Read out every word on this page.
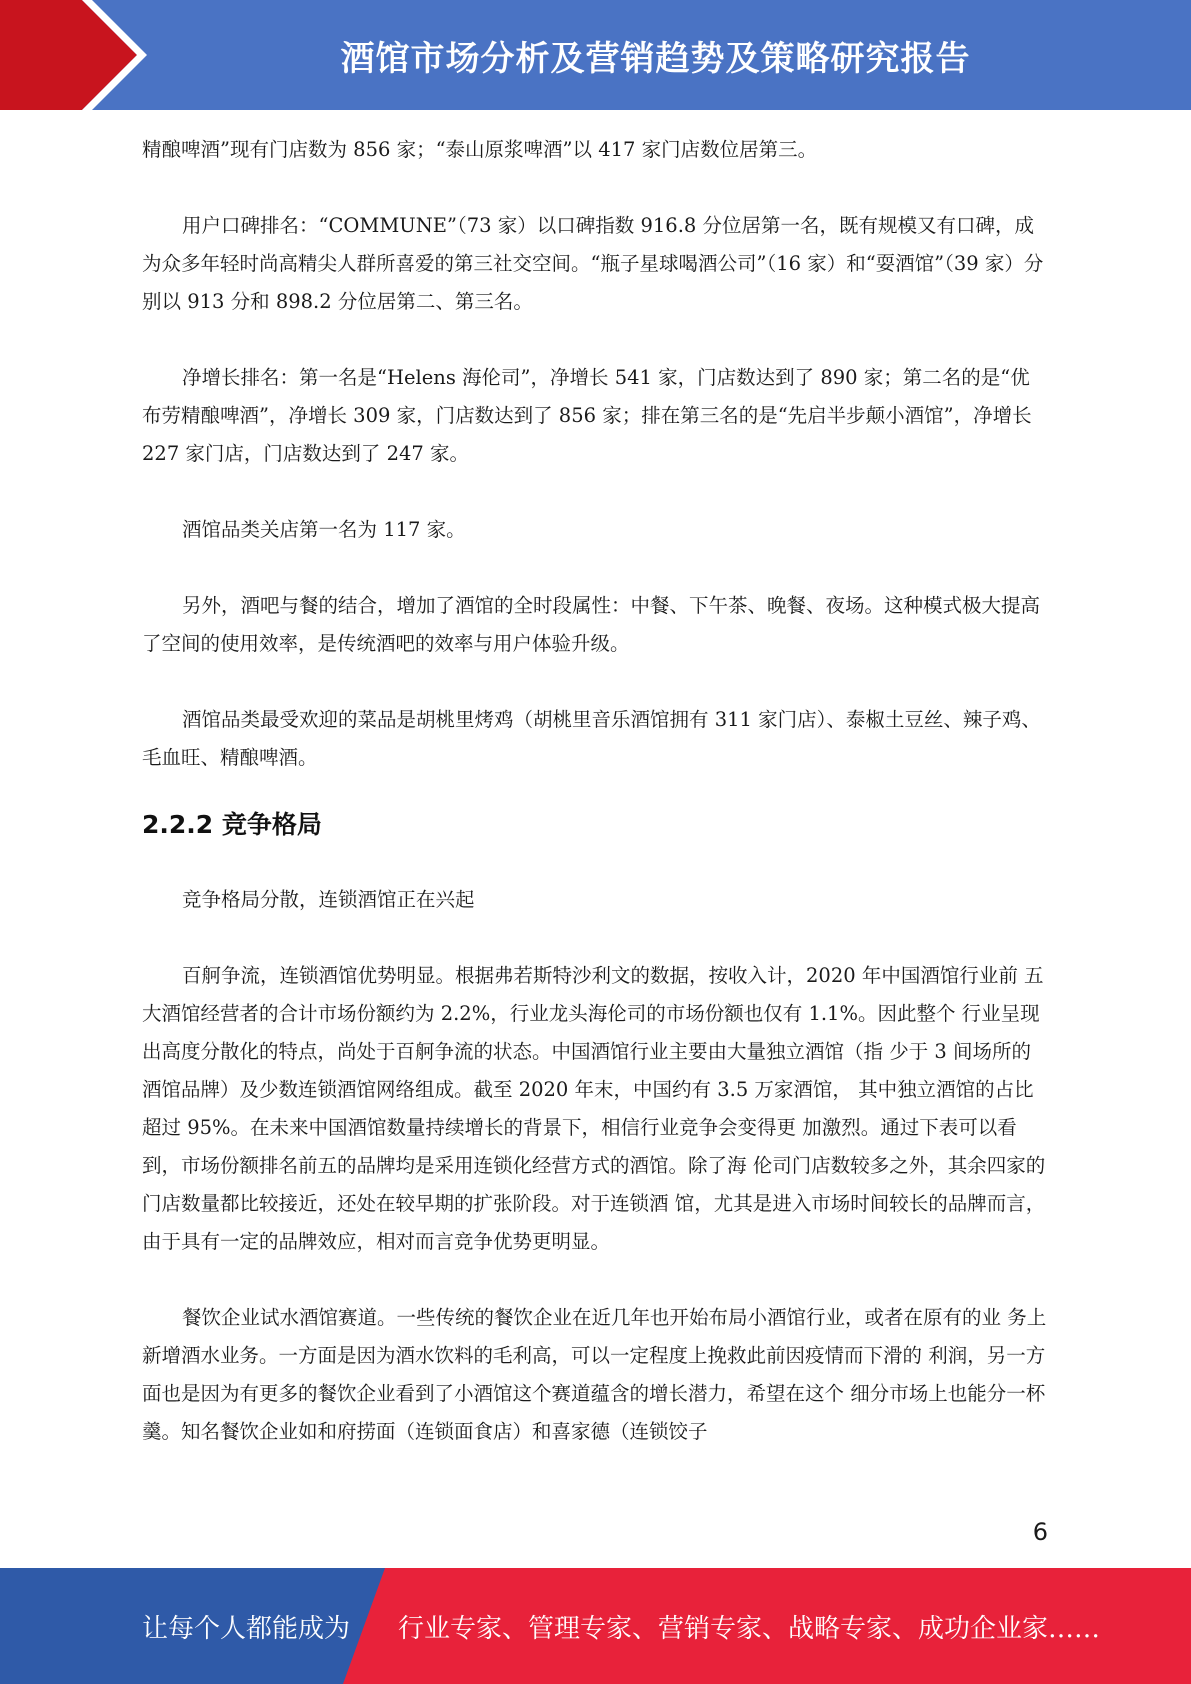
酒馆市场分析及营销趋势及策略研究报告

精酿啤酒”现有门店数为 856 家；“泰山原浆啤酒”以 417 家门店数位居第三。

用户口碑排名：“COMMUNE”（73 家）以口碑指数 916.8 分位居第一名，既有规模又有口碑，成为众多年轻时尚高精尖人群所喜爱的第三社交空间。“瓶子星球喝酒公司”（16 家）和“耍酒馆”（39 家）分别以 913 分和 898.2 分位居第二、第三名。

净增长排名：第一名是“Helens 海伦司”，净增长 541 家，门店数达到了 890 家；第二名的是“优布劳精酿啤酒”，净增长 309 家，门店数达到了 856 家；排在第三名的是“先启半步颠小酒馆”，净增长 227 家门店，门店数达到了 247 家。

酒馆品类关店第一名为 117 家。

另外，酒吧与餐的结合，增加了酒馆的全时段属性：中餐、下午茶、晚餐、夜场。这种模式极大提高了空间的使用效率，是传统酒吧的效率与用户体验升级。

酒馆品类最受欢迎的菜品是胡桃里烤鸡（胡桃里音乐酒馆拥有 311 家门店）、泰椒土豆丝、辣子鸡、毛血旺、精酿啤酒。

2.2.2 竞争格局

竞争格局分散，连锁酒馆正在兴起

百舸争流，连锁酒馆优势明显。根据弗若斯特沙利文的数据，按收入计，2020 年中国酒馆行业前 五大酒馆经营者的合计市场份额约为 2.2%，行业龙头海伦司的市场份额也仅有 1.1%。因此整个 行业呈现出高度分散化的特点，尚处于百舸争流的状态。中国酒馆行业主要由大量独立酒馆（指 少于 3 间场所的酒馆品牌）及少数连锁酒馆网络组成。截至 2020 年末，中国约有 3.5 万家酒馆， 其中独立酒馆的占比超过 95%。在未来中国酒馆数量持续增长的背景下，相信行业竞争会变得更 加激烈。通过下表可以看到，市场份额排名前五的品牌均是采用连锁化经营方式的酒馆。除了海 伦司门店数较多之外，其余四家的门店数量都比较接近，还处在较早期的扩张阶段。对于连锁酒 馆，尤其是进入市场时间较长的品牌而言，由于具有一定的品牌效应，相对而言竞争优势更明显。

餐饮企业试水酒馆赛道。一些传统的餐饮企业在近几年也开始布局小酒馆行业，或者在原有的业 务上新增酒水业务。一方面是因为酒水饮料的毛利高，可以一定程度上挽救此前因疫情而下滑的 利润，另一方面也是因为有更多的餐饮企业看到了小酒馆这个赛道蕴含的增长潜力，希望在这个 细分市场上也能分一杯羹。知名餐饮企业如和府捞面（连锁面食店）和喜家德（连锁饺子

6
让每个人都能成为 行业专家、管理专家、营销专家、战略专家、成功企业家……
